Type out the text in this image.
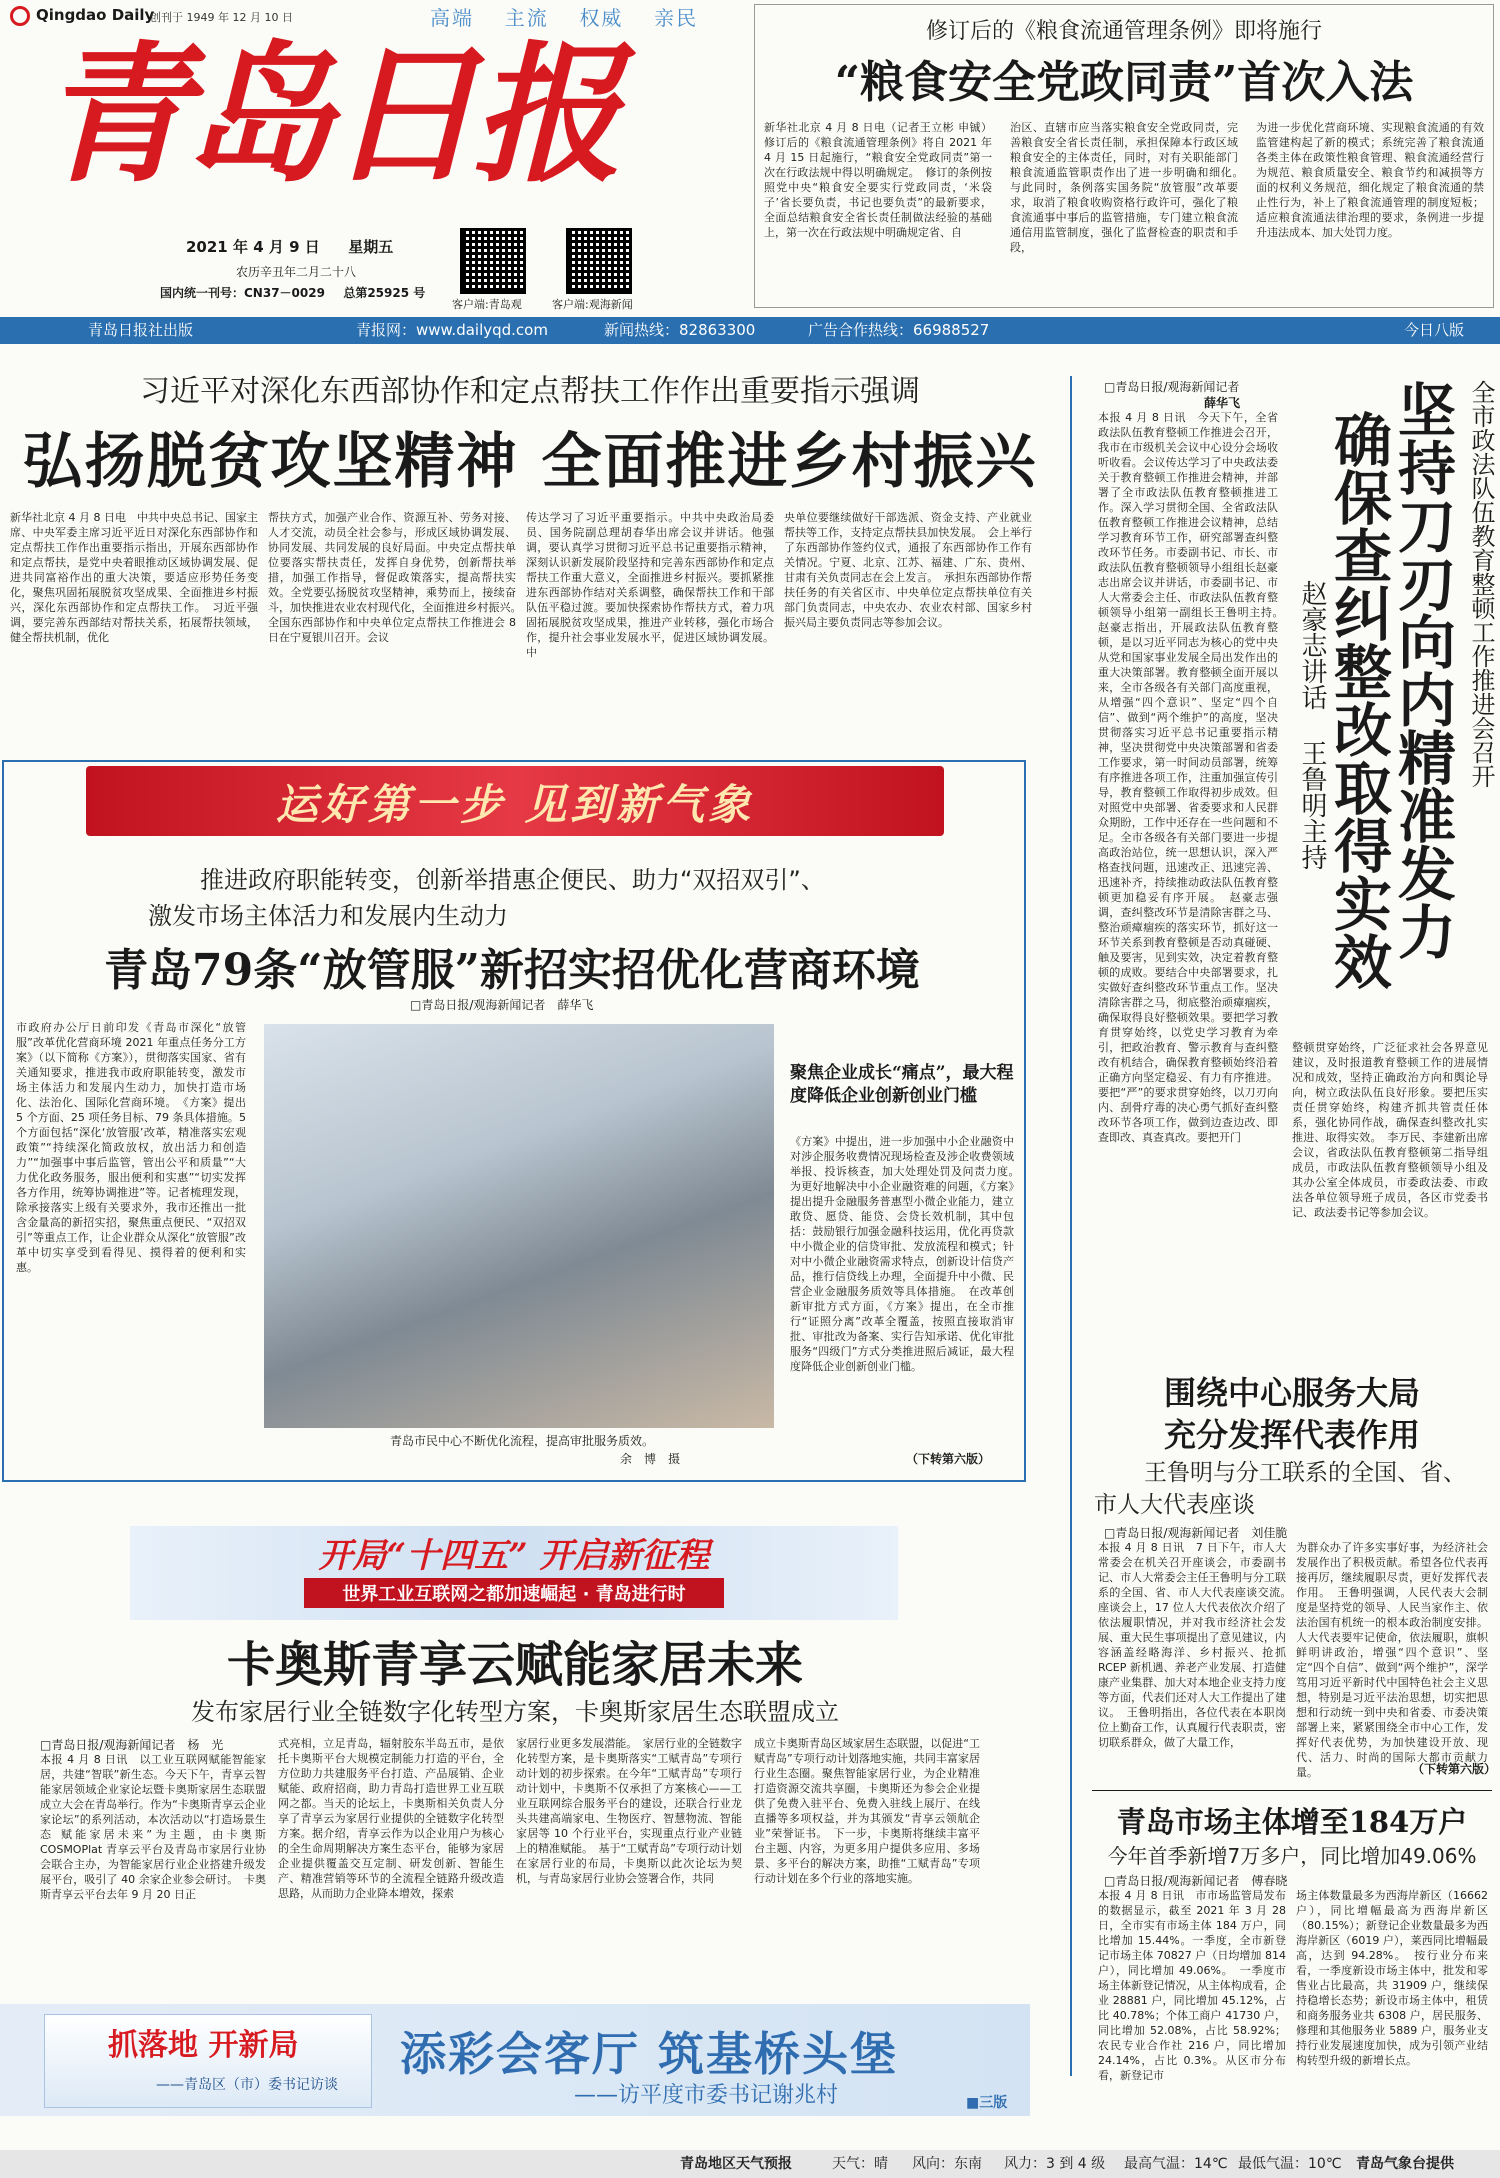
Qingdao Daily
创刊于 1949 年 12 月 10 日	高端 主流 权威 亲民
青岛日报
2021 年 4 月 9 日 星期五
农历辛丑年二月二十八
国内统一刊号：CN37－0029 总第25925 号
客户端:青岛观	客户端:观海新闻
修订后的《粮食流通管理条例》即将施行
“粮食安全党政同责”首次入法
新华社北京 4 月 8 日电（记者王立彬 申铖）修订后的《粮食流通管理条例》将自 2021 年 4 月 15 日起施行，“粮食安全党政同责”第一次在行政法规中得以明确规定。　修订的条例按照党中央“粮食安全要实行党政同责，‘米袋子’省长要负责，书记也要负责”的最新要求，全面总结粮食安全省长责任制做法经验的基础上，第一次在行政法规中明确规定省、自
治区、直辖市应当落实粮食安全党政同责，完善粮食安全省长责任制，承担保障本行政区域粮食安全的主体责任，同时，对有关职能部门粮食流通监管职责作出了进一步明确和细化。　与此同时，条例落实国务院“放管服”改革要求，取消了粮食收购资格行政许可，强化了粮食流通事中事后的监管措施，专门建立粮食流通信用监管制度，强化了监督检查的职责和手段，
为进一步优化营商环境、实现粮食流通的有效监管建构起了新的模式；系统完善了粮食流通各类主体在政策性粮食管理、粮食流通经营行为规范、粮食质量安全、粮食节约和减损等方面的权利义务规范，细化规定了粮食流通的禁止性行为，补上了粮食流通管理的制度短板；适应粮食流通法律治理的要求，条例进一步提升违法成本、加大处罚力度。
青岛日报社出版	青报网：www.dailyqd.com	新闻热线：82863300	广告合作热线：66988527	今日八版
习近平对深化东西部协作和定点帮扶工作作出重要指示强调
弘扬脱贫攻坚精神 全面推进乡村振兴
新华社北京 4 月 8 日电　中共中央总书记、国家主席、中央军委主席习近平近日对深化东西部协作和定点帮扶工作作出重要指示指出，开展东西部协作和定点帮扶，是党中央着眼推动区域协调发展、促进共同富裕作出的重大决策，要适应形势任务变化，聚焦巩固拓展脱贫攻坚成果、全面推进乡村振兴，深化东西部协作和定点帮扶工作。　习近平强调，要完善东西部结对帮扶关系，拓展帮扶领域，健全帮扶机制，优化
帮扶方式，加强产业合作、资源互补、劳务对接、人才交流，动员全社会参与，形成区域协调发展、协同发展、共同发展的良好局面。中央定点帮扶单位要落实帮扶责任，发挥自身优势，创新帮扶举措，加强工作指导，督促政策落实，提高帮扶实效。全党要弘扬脱贫攻坚精神，乘势而上，接续奋斗，加快推进农业农村现代化，全面推进乡村振兴。　全国东西部协作和中央单位定点帮扶工作推进会 8 日在宁夏银川召开。会议
传达学习了习近平重要指示。中共中央政治局委员、国务院副总理胡春华出席会议并讲话。他强调，要认真学习贯彻习近平总书记重要指示精神，深刻认识新发展阶段坚持和完善东西部协作和定点帮扶工作重大意义，全面推进乡村振兴。要抓紧推进东西部协作结对关系调整，确保帮扶工作和干部队伍平稳过渡。要加快探索协作帮扶方式，着力巩固拓展脱贫攻坚成果，推进产业转移，强化市场合作，提升社会事业发展水平，促进区域协调发展。中
央单位要继续做好干部选派、资金支持、产业就业帮扶等工作，支持定点帮扶县加快发展。　会上举行了东西部协作签约仪式，通报了东西部协作工作有关情况。宁夏、北京、江苏、福建、广东、贵州、甘肃有关负责同志在会上发言。　承担东西部协作帮扶任务的有关省区市、中央单位定点帮扶单位有关部门负责同志，中央农办、农业农村部、国家乡村振兴局主要负责同志等参加会议。
运好第一步 见到新气象
推进政府职能转变，创新举措惠企便民、助力“双招双引”、
激发市场主体活力和发展内生动力
青岛79条“放管服”新招实招优化营商环境
□青岛日报/观海新闻记者　薛华飞
市政府办公厅日前印发《青岛市深化“放管服”改革优化营商环境 2021 年重点任务分工方案》（以下简称《方案》），贯彻落实国家、省有关通知要求，推进我市政府职能转变，激发市场主体活力和发展内生动力，加快打造市场化、法治化、国际化营商环境。　《方案》提出 5 个方面、25 项任务目标、79 条具体措施。5 个方面包括“深化‘放管服’改革，精准落实宏观政策”“持续深化简政放权，放出活力和创造力”“加强事中事后监管，管出公平和质量”“大力优化政务服务，服出便利和实惠”“切实发挥各方作用，统筹协调推进”等。记者梳理发现，除承接落实上级有关要求外，我市还推出一批含金量高的新招实招，聚焦重点便民、“双招双引”等重点工作，让企业群众从深化“放管服”改革中切实享受到看得见、摸得着的便利和实惠。
青岛市民中心不断优化流程，提高审批服务质效。
余　博　摄
聚焦企业成长“痛点”，最大程度降低企业创新创业门槛
《方案》中提出，进一步加强中小企业融资中对涉企服务收费情况现场检查及涉企收费领域举报、投诉核查，加大处理处罚及问责力度。　为更好地解决中小企业融资难的问题，《方案》提出提升金融服务普惠型小微企业能力，建立敢贷、愿贷、能贷、会贷长效机制，其中包括：鼓励银行加强金融科技运用，优化再贷款中小微企业的信贷审批、发放流程和模式；针对中小微企业融资需求特点，创新设计信贷产品，推行信贷线上办理，全面提升中小微、民营企业金融服务质效等具体措施。　在改革创新审批方式方面，《方案》提出，在全市推行“证照分离”改革全覆盖，按照直接取消审批、审批改为备案、实行告知承诺、优化审批服务“四级门”方式分类推进照后减证，最大程度降低企业创新创业门槛。
（下转第六版）
□青岛日报/观海新闻记者
薛华飞	全市政法队伍教育整顿工作推进会召开
坚持刀刃向内精准发力
确保查纠整改取得实效
赵豪志讲话 王鲁明主持
本报 4 月 8 日讯　今天下午，全省政法队伍教育整顿工作推进会召开，我市在市级机关会议中心设分会场收听收看。会议传达学习了中央政法委关于教育整顿工作推进会精神，并部署了全市政法队伍教育整顿推进工作。深入学习贯彻全国、全省政法队伍教育整顿工作推进会议精神，总结学习教育环节工作，研究部署查纠整改环节任务。市委副书记、市长、市政法队伍教育整顿领导小组组长赵豪志出席会议并讲话，市委副书记、市人大常委会主任、市政法队伍教育整顿领导小组第一副组长王鲁明主持。　赵豪志指出，开展政法队伍教育整顿，是以习近平同志为核心的党中央从党和国家事业发展全局出发作出的重大决策部署。教育整顿全面开展以来，全市各级各有关部门高度重视，从增强“四个意识”、坚定“四个自信”、做到“两个维护”的高度，坚决贯彻落实习近平总书记重要指示精神，坚决贯彻党中央决策部署和省委工作要求，第一时间动员部署，统筹有序推进各项工作，注重加强宣传引导，教育整顿工作取得初步成效。但对照党中央部署、省委要求和人民群众期盼，工作中还存在一些问题和不足。全市各级各有关部门要进一步提高政治站位，统一思想认识，深入严格查找问题，迅速改正、迅速完善、迅速补齐，持续推动政法队伍教育整顿更加稳妥有序开展。　赵豪志强调，查纠整改环节是清除害群之马、整治顽瘴痼疾的落实环节，抓好这一环节关系到教育整顿是否动真碰硬、触及要害，见到实效，决定着教育整顿的成败。要结合中央部署要求，扎实做好查纠整改环节重点工作。坚决清除害群之马，彻底整治顽瘴痼疾，确保取得良好整顿效果。要把学习教育贯穿始终，以党史学习教育为牵引，把政治教育、警示教育与查纠整改有机结合，确保教育整顿始终沿着正确方向坚定稳妥、有力有序推进。要把“严”的要求贯穿始终，以刀刃向内、刮骨疗毒的决心勇气抓好查纠整改环节各项工作，做到边查边改、即查即改、真查真改。要把开门
整顿贯穿始终，广泛征求社会各界意见建议，及时报道教育整顿工作的进展情况和成效，坚持正确政治方向和舆论导向，树立政法队伍良好形象。要把压实责任贯穿始终，构建齐抓共管责任体系，强化协同作战，确保查纠整改扎实推进、取得实效。　李万民、李建新出席会议，省政法队伍教育整顿第二指导组成员，市政法队伍教育整顿领导小组及其办公室全体成员，市委政法委、市政法各单位领导班子成员，各区市党委书记、政法委书记等参加会议。
围绕中心服务大局
充分发挥代表作用
王鲁明与分工联系的全国、省、
市人大代表座谈
□青岛日报/观海新闻记者　刘佳脆
本报 4 月 8 日讯　7 日下午，市人大常委会在机关召开座谈会，市委副书记、市人大常委会主任王鲁明与分工联系的全国、省、市人大代表座谈交流。　座谈会上，17 位人大代表依次介绍了依法履职情况，并对我市经济社会发展、重大民生事项提出了意见建议，内容涵盖经略海洋、乡村振兴、抢抓 RCEP 新机遇、养老产业发展、打造健康产业集群、加大对本地企业支持力度等方面，代表们还对人大工作提出了建议。　王鲁明指出，各位代表在本职岗位上勤奋工作，认真履行代表职责，密切联系群众，做了大量工作，
为群众办了许多实事好事，为经济社会发展作出了积极贡献。希望各位代表再接再厉，继续履职尽责，更好发挥代表作用。　王鲁明强调，人民代表大会制度是坚持党的领导、人民当家作主、依法治国有机统一的根本政治制度安排。人大代表要牢记使命，依法履职，旗帜鲜明讲政治，增强“四个意识”、坚定“四个自信”、做到“两个维护”，深学笃用习近平新时代中国特色社会主义思想，特别是习近平法治思想，切实把思想和行动统一到中央和省委、市委决策部署上来，紧紧围绕全市中心工作，发挥好代表优势，为加快建设开放、现代、活力、时尚的国际大都市贡献力量。	（下转第六版）
青岛市场主体增至184万户
今年首季新增7万多户，同比增加49.06%
□青岛日报/观海新闻记者　傅春晓
本报 4 月 8 日讯　市市场监管局发布的数据显示，截至 2021 年 3 月 28 日，全市实有市场主体 184 万户，同比增加 15.44%。一季度，全市新登记市场主体 70827 户（日均增加 814 户），同比增加 49.06%。　一季度市场主体新登记情况，从主体构成看，企业 28881 户，同比增加 45.12%，占比 40.78%；个体工商户 41730 户，同比增加 52.08%，占比 58.92%；农民专业合作社 216 户，同比增加 24.14%，占比 0.3%。从区市分布看，新登记市
场主体数量最多为西海岸新区（16662 户），同比增幅最高为西海岸新区（80.15%）；新登记企业数量最多为西海岸新区（6019 户），莱西同比增幅最高，达到 94.28%。　按行业分布来看，一季度新设市场主体中，批发和零售业占比最高，共 31909 户，继续保持稳增长态势；新设市场主体中，租赁和商务服务业共 6308 户，居民服务、修理和其他服务业 5889 户，服务业支持行业发展速度加快，成为引领产业结构转型升级的新增长点。
开局“十四五” 开启新征程
世界工业互联网之都加速崛起 · 青岛进行时
卡奥斯青享云赋能家居未来
发布家居行业全链数字化转型方案，卡奥斯家居生态联盟成立
□青岛日报/观海新闻记者　杨　光
本报 4 月 8 日讯　以工业互联网赋能智能家居，共建“智联”新生态。今天下午，青享云智能家居领域企业家论坛暨卡奥斯家居生态联盟成立大会在青岛举行。作为“卡奥斯青享云企业家论坛”的系列活动，本次活动以“打造场景生态 赋能家居未来”为主题，由卡奥斯 COSMOPlat 青享云平台及青岛市家居行业协会联合主办，为智能家居行业企业搭建升级发展平台，吸引了 40 余家企业参会研讨。　卡奥斯青享云平台去年 9 月 20 日正
式亮相，立足青岛，辐射胶东半岛五市，是依托卡奥斯平台大规模定制能力打造的平台，全方位助力共建服务平台打造、产品展销、企业赋能、政府招商，助力青岛打造世界工业互联网之都。当天的论坛上，卡奥斯相关负责人分享了青享云为家居行业提供的全链数字化转型方案。据介绍，青享云作为以企业用户为核心的全生命周期解决方案生态平台，能够为家居企业提供覆盖交互定制、研发创新、智能生产、精准营销等环节的全流程全链路升级改造思路，从而助力企业降本增效，探索
家居行业更多发展潜能。　家居行业的全链数字化转型方案，是卡奥斯落实“工赋青岛”专项行动计划的初步探索。在今年“工赋青岛”专项行动计划中，卡奥斯不仅承担了方案核心——工业互联网综合服务平台的建设，还联合行业龙头共建高端家电、生物医疗、智慧物流、智能家居等 10 个行业平台，实现重点行业产业链上的精准赋能。　基于“工赋青岛”专项行动计划在家居行业的布局，卡奥斯以此次论坛为契机，与青岛家居行业协会签署合作，共同
成立卡奥斯青岛区域家居生态联盟，以促进“工赋青岛”专项行动计划落地实施，共同丰富家居行业生态圈。聚焦智能家居行业，为企业精准打造资源交流共享圈，卡奥斯还为参会企业提供了免费入驻平台、免费入驻线上展厅、在线直播等多项权益，并为其颁发“青享云领航企业”荣誉证书。　下一步，卡奥斯将继续丰富平台主题、内容，为更多用户提供多应用、多场景、多平台的解决方案，助推“工赋青岛”专项行动计划在多个行业的落地实施。
抓落地 开新局
——青岛区（市）委书记访谈
添彩会客厅 筑基桥头堡
——访平度市委书记谢兆村	■三版
青岛地区天气预报	天气：晴 风向：东南 风力：3 到 4 级 最高气温：14℃ 最低气温：10℃ 青岛气象台提供
